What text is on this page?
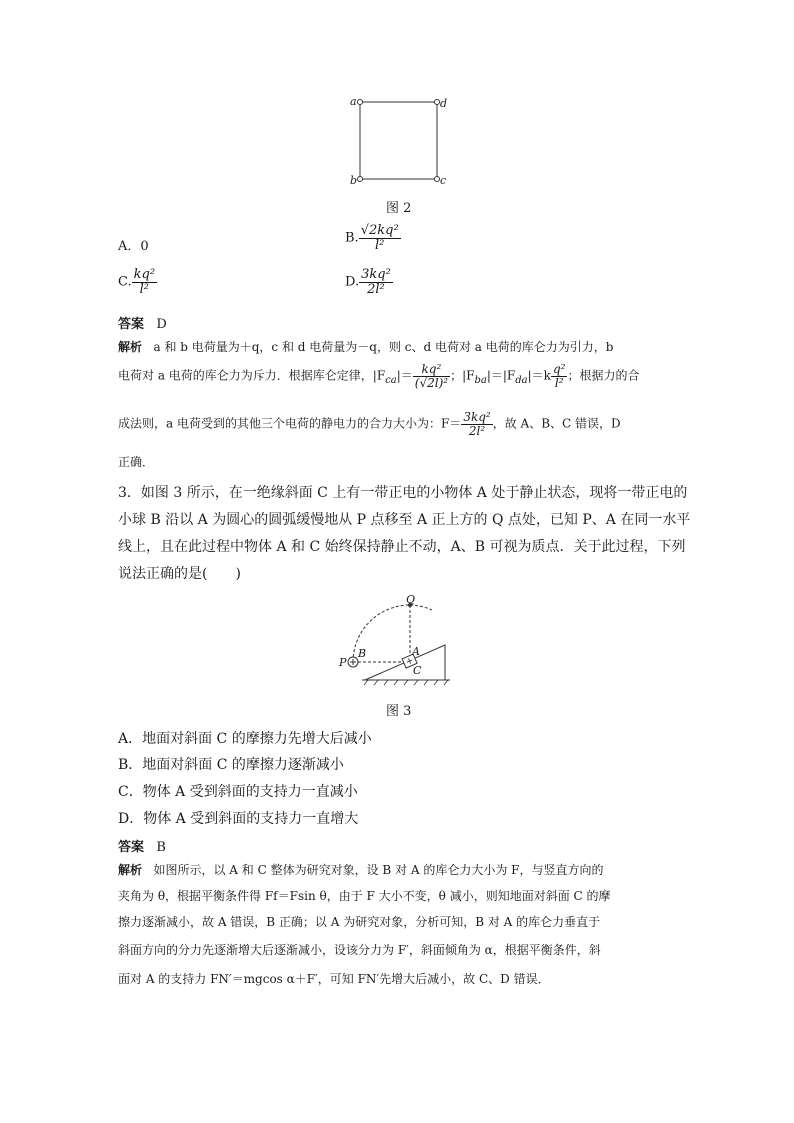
a	d
b	c
图 2
A．0
B. $\frac{\text{√2kq²}}{\text{l²}}$
C. $\frac{\text{kq²}}{\text{l²}}$	D. $\frac{\text{3kq²}}{\text{2l²}}$
答案 D
解析 a 和 b 电荷量为＋q，c 和 d 电荷量为－q，则 c、d 电荷对 a 电荷的库仑力为引力，b
电荷对 a 电荷的库仑力为斥力．根据库仑定律，$|F_{ca}|= \frac{\text{kq²}}{\text{(√2l)²}}$ ；$|F_{ba}|=|F_{da}|=k \frac{\text{q²}}{\text{l²}}$ ；根据力的合
成法则，a 电荷受到的其他三个电荷的静电力的合力大小为：$F= \frac{\text{3kq²}}{\text{2l²}}$ ，故 A、B、C 错误，D
正确．
3．如图 3 所示，在一绝缘斜面 C 上有一带正电的小物体 A 处于静止状态，现将一带正电的
小球 B 沿以 A 为圆心的圆弧缓慢地从 P 点移至 A 正上方的 Q 点处，已知 P、A 在同一水平
线上，且在此过程中物体 A 和 C 始终保持静止不动，A、B 可视为质点．关于此过程，下列
说法正确的是(　　)
Q
P
B	A
C
图 3
A．地面对斜面 C 的摩擦力先增大后减小
B．地面对斜面 C 的摩擦力逐渐减小
C．物体 A 受到斜面的支持力一直减小
D．物体 A 受到斜面的支持力一直增大
答案 B
解析 如图所示，以 A 和 C 整体为研究对象，设 B 对 A 的库仑力大小为 F，与竖直方向的
夹角为 θ，根据平衡条件得 Ff＝Fsin θ，由于 F 大小不变，θ 减小，则知地面对斜面 C 的摩
擦力逐渐减小，故 A 错误，B 正确；以 A 为研究对象，分析可知，B 对 A 的库仑力垂直于
斜面方向的分力先逐渐增大后逐渐减小，设该分力为 F′，斜面倾角为 α，根据平衡条件，斜
面对 A 的支持力 FN′＝mgcos α＋F′，可知 FN′先增大后减小，故 C、D 错误．
